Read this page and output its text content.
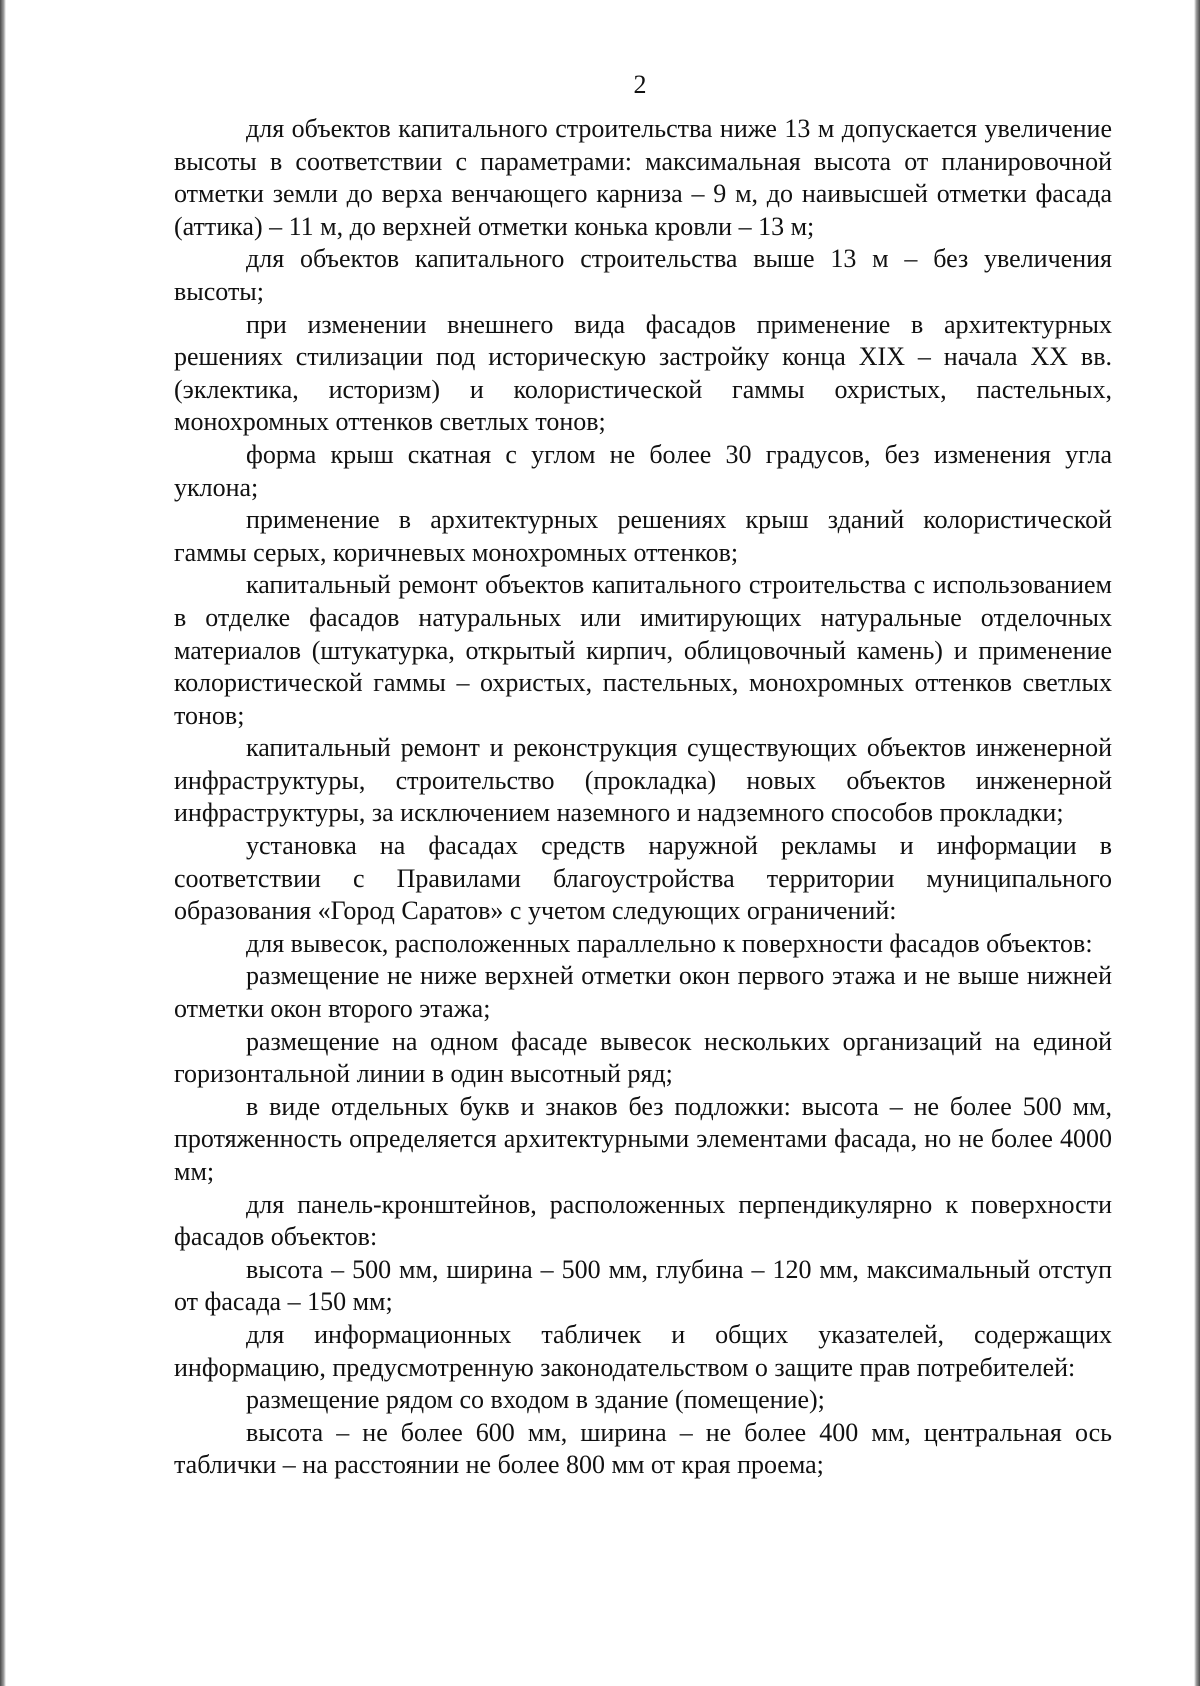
2

для объектов капитального строительства ниже 13 м допускается увеличение высоты в соответствии с параметрами: максимальная высота от планировочной отметки земли до верха венчающего карниза – 9 м, до наивысшей отметки фасада (аттика) – 11 м, до верхней отметки конька кровли – 13 м;

для объектов капитального строительства выше 13 м – без увеличения высоты;

при изменении внешнего вида фасадов применение в архитектурных решениях стилизации под историческую застройку конца XIX – начала XX вв. (эклектика, историзм) и колористической гаммы охристых, пастельных, монохромных оттенков светлых тонов;

форма крыш скатная с углом не более 30 градусов, без изменения угла уклона;

применение в архитектурных решениях крыш зданий колористической гаммы серых, коричневых монохромных оттенков;

капитальный ремонт объектов капитального строительства с использованием в отделке фасадов натуральных или имитирующих натуральные отделочных материалов (штукатурка, открытый кирпич, облицовочный камень) и применение колористической гаммы – охристых, пастельных, монохромных оттенков светлых тонов;

капитальный ремонт и реконструкция существующих объектов инженерной инфраструктуры, строительство (прокладка) новых объектов инженерной инфраструктуры, за исключением наземного и надземного способов прокладки;

установка на фасадах средств наружной рекламы и информации в соответствии с Правилами благоустройства территории муниципального образования «Город Саратов» с учетом следующих ограничений:

для вывесок, расположенных параллельно к поверхности фасадов объектов:

размещение не ниже верхней отметки окон первого этажа и не выше нижней отметки окон второго этажа;

размещение на одном фасаде вывесок нескольких организаций на единой горизонтальной линии в один высотный ряд;

в виде отдельных букв и знаков без подложки: высота – не более 500 мм, протяженность определяется архитектурными элементами фасада, но не более 4000 мм;

для панель-кронштейнов, расположенных перпендикулярно к поверхности фасадов объектов:

высота – 500 мм, ширина – 500 мм, глубина – 120 мм, максимальный отступ от фасада – 150 мм;

для информационных табличек и общих указателей, содержащих информацию, предусмотренную законодательством о защите прав потребителей:

размещение рядом со входом в здание (помещение);

высота – не более 600 мм, ширина – не более 400 мм, центральная ось таблички – на расстоянии не более 800 мм от края проема;
